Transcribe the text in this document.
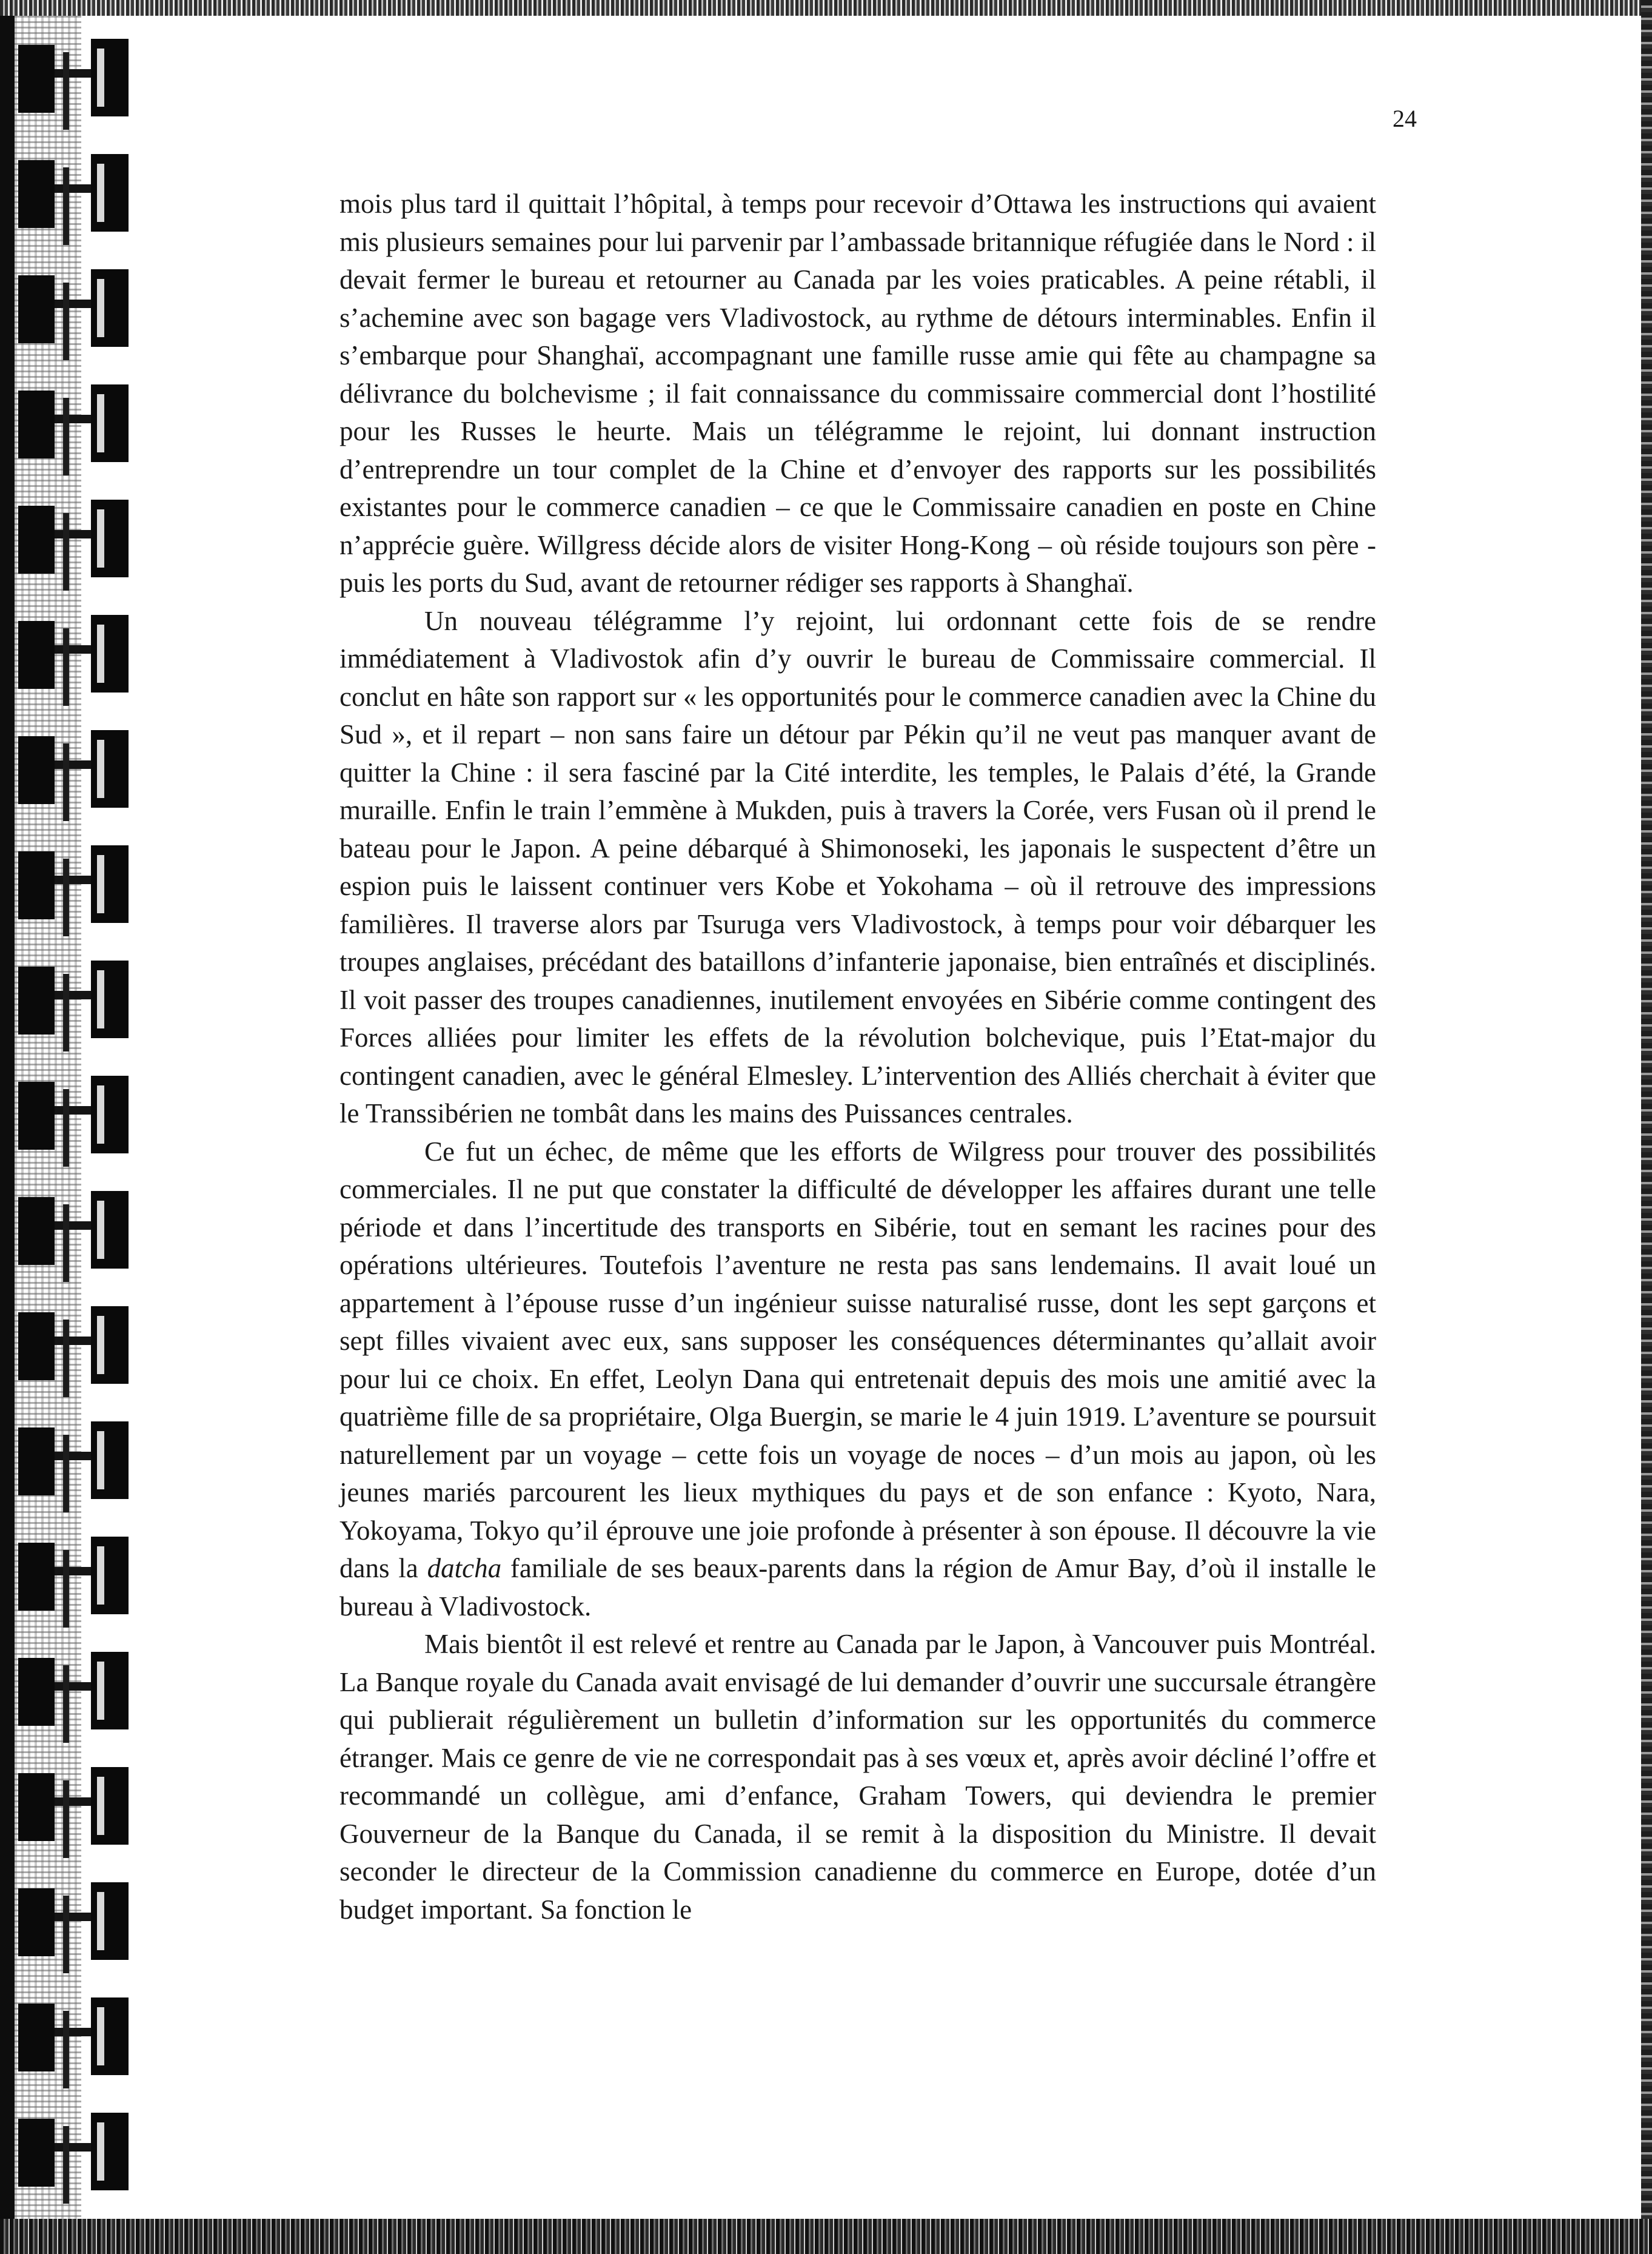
24

mois plus tard il quittait l’hôpital, à temps pour recevoir d’Ottawa les instructions qui avaient mis plusieurs semaines pour lui parvenir par l’ambassade britannique réfugiée dans le Nord : il devait fermer le bureau et retourner au Canada par les voies praticables. A peine rétabli, il s’achemine avec son bagage vers Vladivostock, au rythme de détours interminables. Enfin il s’embarque pour Shanghaï, accompagnant une famille russe amie qui fête au champagne sa délivrance du bolchevisme ; il fait connaissance du commissaire commercial dont l’hostilité pour les Russes le heurte. Mais un télégramme le rejoint, lui donnant instruction d’entreprendre un tour complet de la Chine et d’envoyer des rapports sur les possibilités existantes pour le commerce canadien – ce que le Commissaire canadien en poste en Chine n’apprécie guère. Willgress décide alors de visiter Hong-Kong – où réside toujours son père - puis les ports du Sud, avant de retourner rédiger ses rapports à Shanghaï.

Un nouveau télégramme l’y rejoint, lui ordonnant cette fois de se rendre immédiatement à Vladivostok afin d’y ouvrir le bureau de Commissaire commercial. Il conclut en hâte son rapport sur « les opportunités pour le commerce canadien avec la Chine du Sud », et il repart – non sans faire un détour par Pékin qu’il ne veut pas manquer avant de quitter la Chine : il sera fasciné par la Cité interdite, les temples, le Palais d’été, la Grande muraille. Enfin le train l’emmène à Mukden, puis à travers la Corée, vers Fusan où il prend le bateau pour le Japon. A peine débarqué à Shimonoseki, les japonais le suspectent d’être un espion puis le laissent continuer vers Kobe et Yokohama – où il retrouve des impressions familières. Il traverse alors par Tsuruga vers Vladivostock, à temps pour voir débarquer les troupes anglaises, précédant des bataillons d’infanterie japonaise, bien entraînés et disciplinés. Il voit passer des troupes canadiennes, inutilement envoyées en Sibérie comme contingent des Forces alliées pour limiter les effets de la révolution bolchevique, puis l’Etat-major du contingent canadien, avec le général Elmesley. L’intervention des Alliés cherchait à éviter que le Transsibérien ne tombât dans les mains des Puissances centrales.

Ce fut un échec, de même que les efforts de Wilgress pour trouver des possibilités commerciales. Il ne put que constater la difficulté de développer les affaires durant une telle période et dans l’incertitude des transports en Sibérie, tout en semant les racines pour des opérations ultérieures. Toutefois l’aventure ne resta pas sans lendemains. Il avait loué un appartement à l’épouse russe d’un ingénieur suisse naturalisé russe, dont les sept garçons et sept filles vivaient avec eux, sans supposer les conséquences déterminantes qu’allait avoir pour lui ce choix. En effet, Leolyn Dana qui entretenait depuis des mois une amitié avec la quatrième fille de sa propriétaire, Olga Buergin, se marie le 4 juin 1919. L’aventure se poursuit naturellement par un voyage – cette fois un voyage de noces – d’un mois au japon, où les jeunes mariés parcourent les lieux mythiques du pays et de son enfance : Kyoto, Nara, Yokoyama, Tokyo qu’il éprouve une joie profonde à présenter à son épouse. Il découvre la vie dans la datcha familiale de ses beaux-parents dans la région de Amur Bay, d’où il installe le bureau à Vladivostock.

Mais bientôt il est relevé et rentre au Canada par le Japon, à Vancouver puis Montréal. La Banque royale du Canada avait envisagé de lui demander d’ouvrir une succursale étrangère qui publierait régulièrement un bulletin d’information sur les opportunités du commerce étranger. Mais ce genre de vie ne correspondait pas à ses vœux et, après avoir décliné l’offre et recommandé un collègue, ami d’enfance, Graham Towers, qui deviendra le premier Gouverneur de la Banque du Canada, il se remit à la disposition du Ministre. Il devait seconder le directeur de la Commission canadienne du commerce en Europe, dotée d’un budget important. Sa fonction le
